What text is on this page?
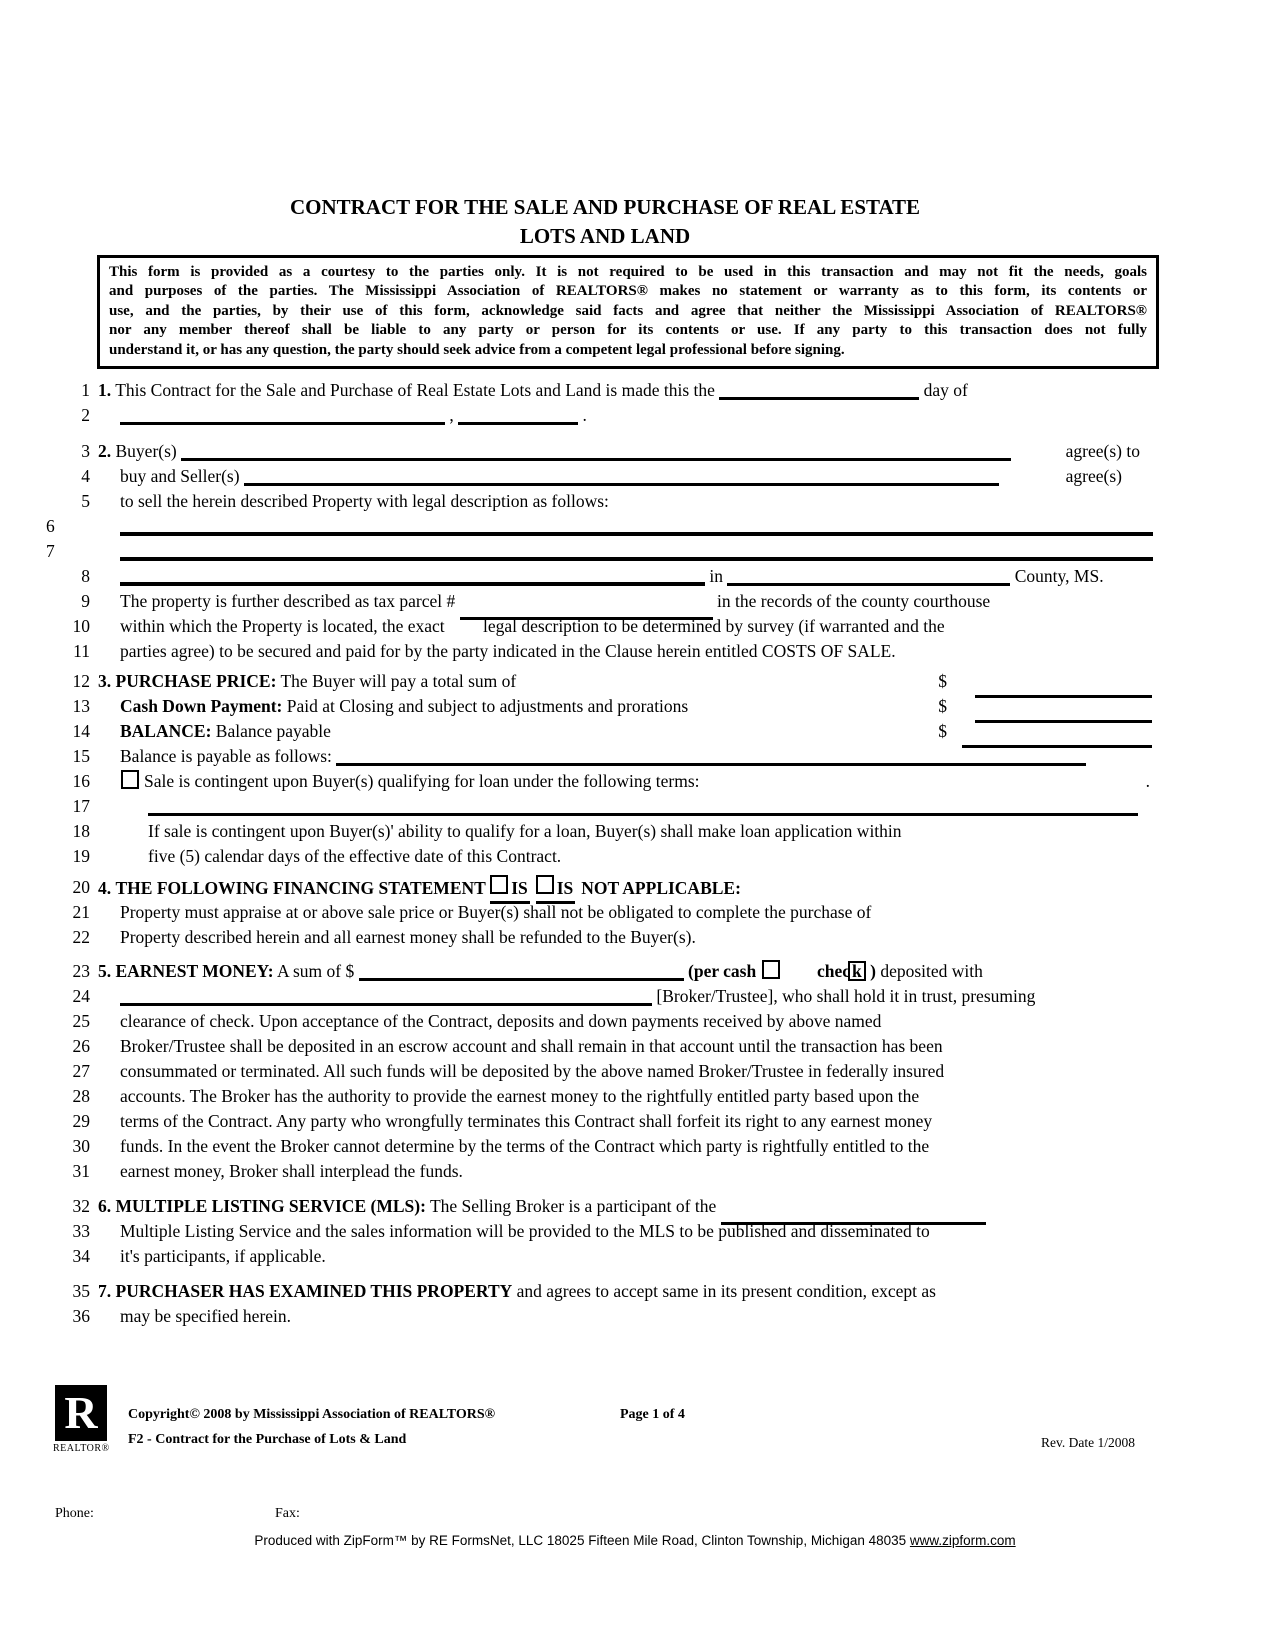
CONTRACT FOR THE SALE AND PURCHASE OF REAL ESTATE
LOTS AND LAND
This form is provided as a courtesy to the parties only. It is not required to be used in this transaction and may not fit the needs, goals
and purposes of the parties. The Mississippi Association of REALTORS® makes no statement or warranty as to this form, its contents or
use, and the parties, by their use of this form, acknowledge said facts and agree that neither the Mississippi Association of REALTORS®
nor any member thereof shall be liable to any party or person for its contents or use. If any party to this transaction does not fully
understand it, or has any question, the party should seek advice from a competent legal professional before signing.
1 1. This Contract for the Sale and Purchase of Real Estate Lots and Land is made this the	day of
2	,	.
3 2. Buyer(s)	agree(s) to
4 buy and Seller(s)	agree(s)
5 to sell the herein described Property with legal description as follows:
6
7
8	in	County, MS.
9 The property is further described as tax parcel #	in the records of the county courthouse
10 within which the Property is located, the exact legal description to be determined by survey (if warranted and the
11 parties agree) to be secured and paid for by the party indicated in the Clause herein entitled COSTS OF SALE.
12 3. PURCHASE PRICE: The Buyer will pay a total sum of	$
13 Cash Down Payment: Paid at Closing and subject to adjustments and prorations	$
14 BALANCE: Balance payable	$
15 Balance is payable as follows:
16	Sale is contingent upon Buyer(s) qualifying for loan under the following terms:	.
17
18	If sale is contingent upon Buyer(s)' ability to qualify for a loan, Buyer(s) shall make loan application within
19	five (5) calendar days of the effective date of this Contract.
20 4. THE FOLLOWING FINANCING STATEMENT IS IS NOT APPLICABLE:
21 Property must appraise at or above sale price or Buyer(s) shall not be obligated to complete the purchase of
22 Property described herein and all earnest money shall be refunded to the Buyer(s).
23 5. EARNEST MONEY: A sum of $	(per cash	chec k ) deposited with
24	[Broker/Trustee], who shall hold it in trust, presuming
25 clearance of check. Upon acceptance of the Contract, deposits and down payments received by above named
26 Broker/Trustee shall be deposited in an escrow account and shall remain in that account until the transaction has been
27 consummated or terminated. All such funds will be deposited by the above named Broker/Trustee in federally insured
28 accounts. The Broker has the authority to provide the earnest money to the rightfully entitled party based upon the
29 terms of the Contract. Any party who wrongfully terminates this Contract shall forfeit its right to any earnest money
30 funds. In the event the Broker cannot determine by the terms of the Contract which party is rightfully entitled to the
31 earnest money, Broker shall interplead the funds.
32 6. MULTIPLE LISTING SERVICE (MLS): The Selling Broker is a participant of the
33 Multiple Listing Service and the sales information will be provided to the MLS to be published and disseminated to
34 it's participants, if applicable.
35 7. PURCHASER HAS EXAMINED THIS PROPERTY and agrees to accept same in its present condition, except as
36 may be specified herein.
R
REALTOR®
Copyright© 2008 by Mississippi Association of REALTORS®	Page 1 of 4
F2 - Contract for the Purchase of Lots & Land	Rev. Date 1/2008
Phone:	Fax:
Produced with ZipForm™ by RE FormsNet, LLC 18025 Fifteen Mile Road, Clinton Township, Michigan 48035 www.zipform.com
